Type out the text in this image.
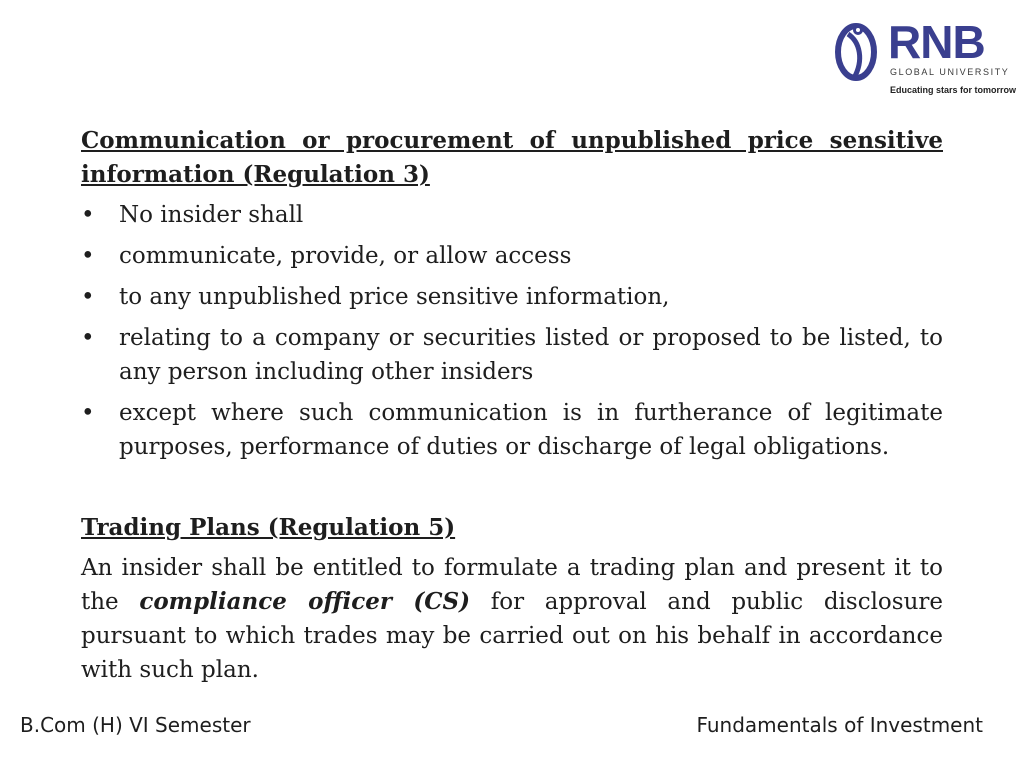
RNB
GLOBAL UNIVERSITY
Educating stars for tomorrow
Communication or procurement of unpublished price sensitive information (Regulation 3)
• No insider shall
• communicate, provide, or allow access
• to any unpublished price sensitive information,
• relating to a company or securities listed or proposed to be listed, to any person including other insiders
• except where such communication is in furtherance of legitimate purposes, performance of duties or discharge of legal obligations.
Trading Plans (Regulation 5)

An insider shall be entitled to formulate a trading plan and present it to the compliance officer (CS) for approval and public disclosure pursuant to which trades may be carried out on his behalf in accordance with such plan.

B.Com (H) VI Semester	Fundamentals of Investment
